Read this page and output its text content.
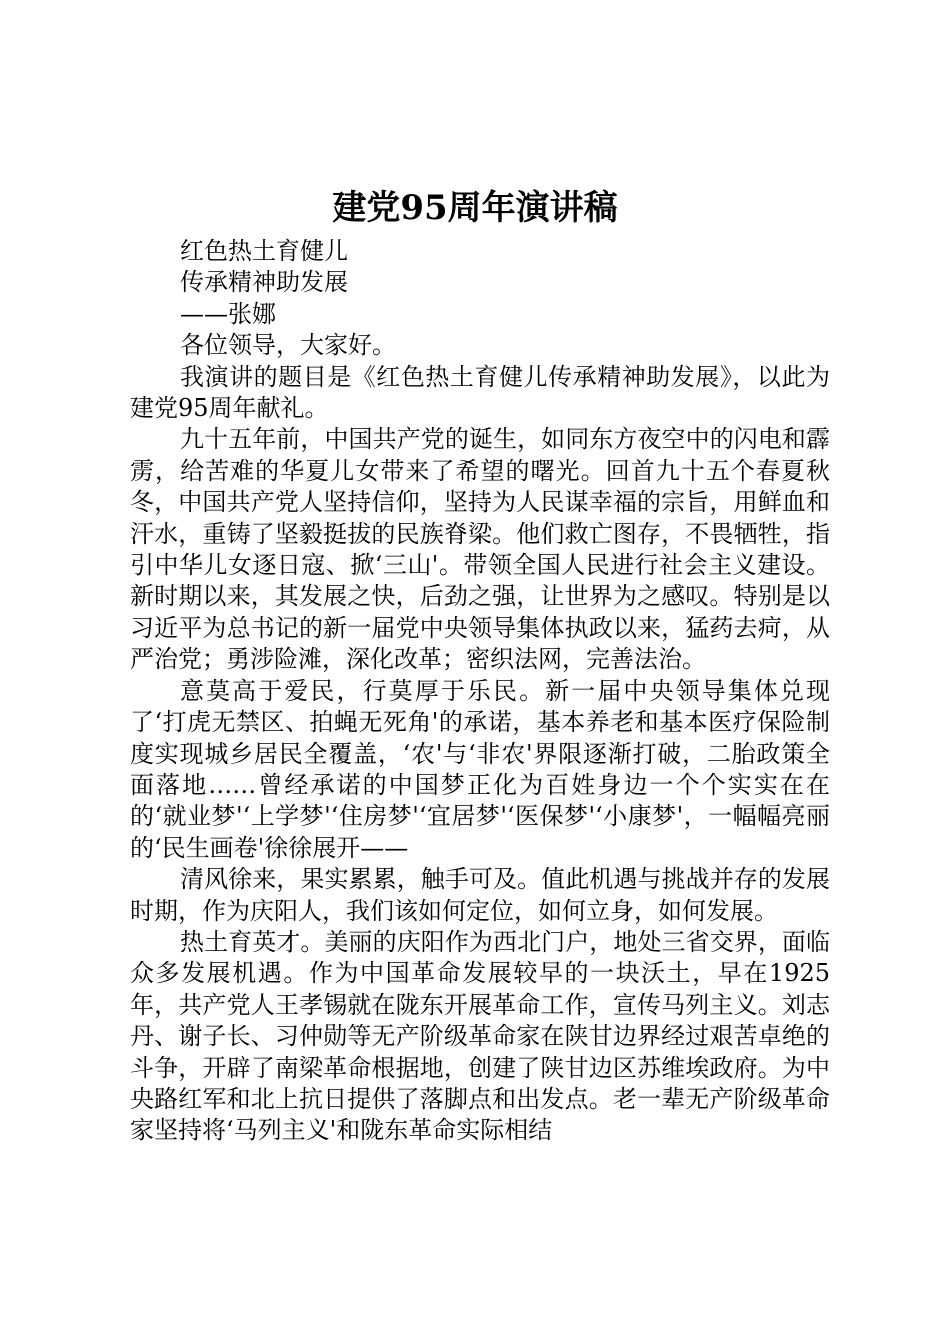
建党95周年演讲稿

红色热土育健儿

传承精神助发展

——张娜

各位领导，大家好。

我演讲的题目是《红色热土育健儿传承精神助发展》，以此为建党95周年献礼。

九十五年前，中国共产党的诞生，如同东方夜空中的闪电和霹雳，给苦难的华夏儿女带来了希望的曙光。回首九十五个春夏秋冬，中国共产党人坚持信仰，坚持为人民谋幸福的宗旨，用鲜血和汗水，重铸了坚毅挺拔的民族脊梁。他们救亡图存，不畏牺牲，指引中华儿女逐日寇、掀‘三山'。带领全国人民进行社会主义建设。新时期以来，其发展之快，后劲之强，让世界为之感叹。特别是以习近平为总书记的新一届党中央领导集体执政以来，猛药去疴，从严治党；勇涉险滩，深化改革；密织法网，完善法治。

意莫高于爱民，行莫厚于乐民。新一届中央领导集体兑现了‘打虎无禁区、拍蝇无死角'的承诺，基本养老和基本医疗保险制度实现城乡居民全覆盖，‘农'与‘非农'界限逐渐打破，二胎政策全面落地……曾经承诺的中国梦正化为百姓身边一个个实实在在的‘就业梦'‘上学梦'‘住房梦'‘宜居梦'‘医保梦'‘小康梦'，一幅幅亮丽的‘民生画卷'徐徐展开——

清风徐来，果实累累，触手可及。值此机遇与挑战并存的发展时期，作为庆阳人，我们该如何定位，如何立身，如何发展。

热土育英才。美丽的庆阳作为西北门户，地处三省交界，面临众多发展机遇。作为中国革命发展较早的一块沃土，早在1925年，共产党人王孝锡就在陇东开展革命工作，宣传马列主义。刘志丹、谢子长、习仲勋等无产阶级革命家在陕甘边界经过艰苦卓绝的斗争，开辟了南梁革命根据地，创建了陕甘边区苏维埃政府。为中央路红军和北上抗日提供了落脚点和出发点。老一辈无产阶级革命家坚持将‘马列主义'和陇东革命实际相结
